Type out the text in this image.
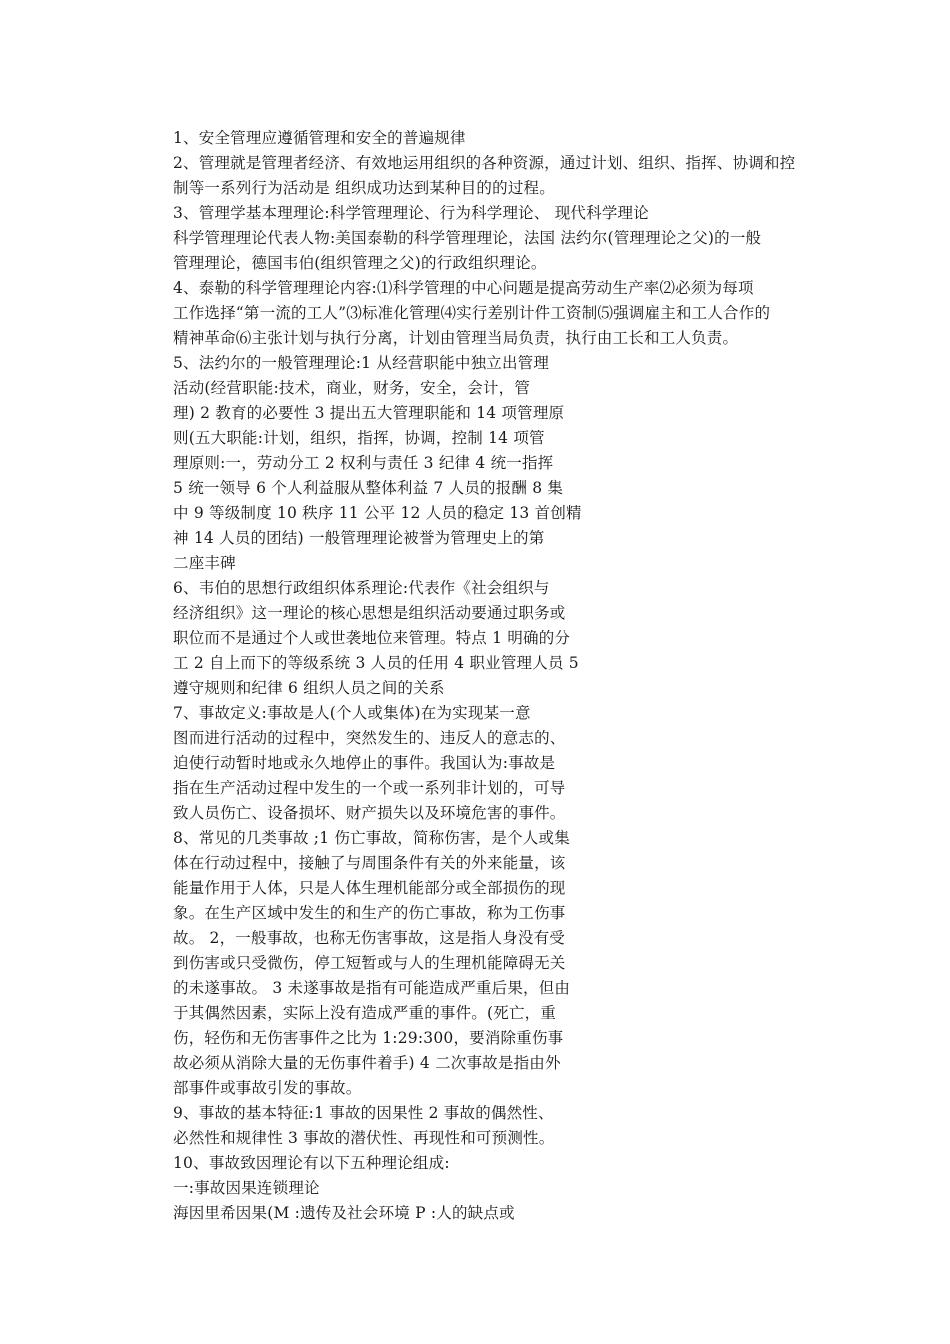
1、安全管理应遵循管理和安全的普遍规律
2、管理就是管理者经济、有效地运用组织的各种资源，通过计划、组织、指挥、协调和控
制等一系列行为活动是 组织成功达到某种目的的过程。
3、管理学基本理理论:科学管理理论、行为科学理论、 现代科学理论
科学管理理论代表人物:美国泰勒的科学管理理论，法国 法约尔(管理理论之父)的一般
管理理论，德国韦伯(组织管理之父)的行政组织理论。
4、泰勒的科学管理理论内容:⑴科学管理的中心问题是提高劳动生产率⑵必须为每项
工作选择“第一流的工人”⑶标准化管理⑷实行差别计件工资制⑸强调雇主和工人合作的
精神革命⑹主张计划与执行分离，计划由管理当局负责，执行由工长和工人负责。
5、法约尔的一般管理理论:1 从经营职能中独立出管理
活动(经营职能:技术，商业，财务，安全，会计，管
理) 2 教育的必要性 3 提出五大管理职能和 14 项管理原
则(五大职能:计划，组织，指挥，协调，控制 14 项管
理原则:一，劳动分工 2 权利与责任 3 纪律 4 统一指挥
5 统一领导 6 个人利益服从整体利益 7 人员的报酬 8 集
中 9 等级制度 10 秩序 11 公平 12 人员的稳定 13 首创精
神 14 人员的团结) 一般管理理论被誉为管理史上的第
二座丰碑
6、韦伯的思想行政组织体系理论:代表作《社会组织与
经济组织》这一理论的核心思想是组织活动要通过职务或
职位而不是通过个人或世袭地位来管理。特点 1 明确的分
工 2 自上而下的等级系统 3 人员的任用 4 职业管理人员 5
遵守规则和纪律 6 组织人员之间的关系
7、事故定义:事故是人(个人或集体)在为实现某一意
图而进行活动的过程中，突然发生的、违反人的意志的、
迫使行动暂时地或永久地停止的事件。我国认为:事故是
指在生产活动过程中发生的一个或一系列非计划的，可导
致人员伤亡、设备损坏、财产损失以及环境危害的事件。
8、常见的几类事故 ;1 伤亡事故，简称伤害，是个人或集
体在行动过程中，接触了与周围条件有关的外来能量，该
能量作用于人体，只是人体生理机能部分或全部损伤的现
象。在生产区域中发生的和生产的伤亡事故，称为工伤事
故。 2，一般事故，也称无伤害事故，这是指人身没有受
到伤害或只受微伤，停工短暂或与人的生理机能障碍无关
的未遂事故。 3 未遂事故是指有可能造成严重后果，但由
于其偶然因素，实际上没有造成严重的事件。(死亡，重
伤，轻伤和无伤害事件之比为 1:29:300，要消除重伤事
故必须从消除大量的无伤事件着手) 4 二次事故是指由外
部事件或事故引发的事故。
9、事故的基本特征:1 事故的因果性 2 事故的偶然性、
必然性和规律性 3 事故的潜伏性、再现性和可预测性。
10、事故致因理论有以下五种理论组成:
一:事故因果连锁理论
海因里希因果(M :遗传及社会环境 P :人的缺点或
